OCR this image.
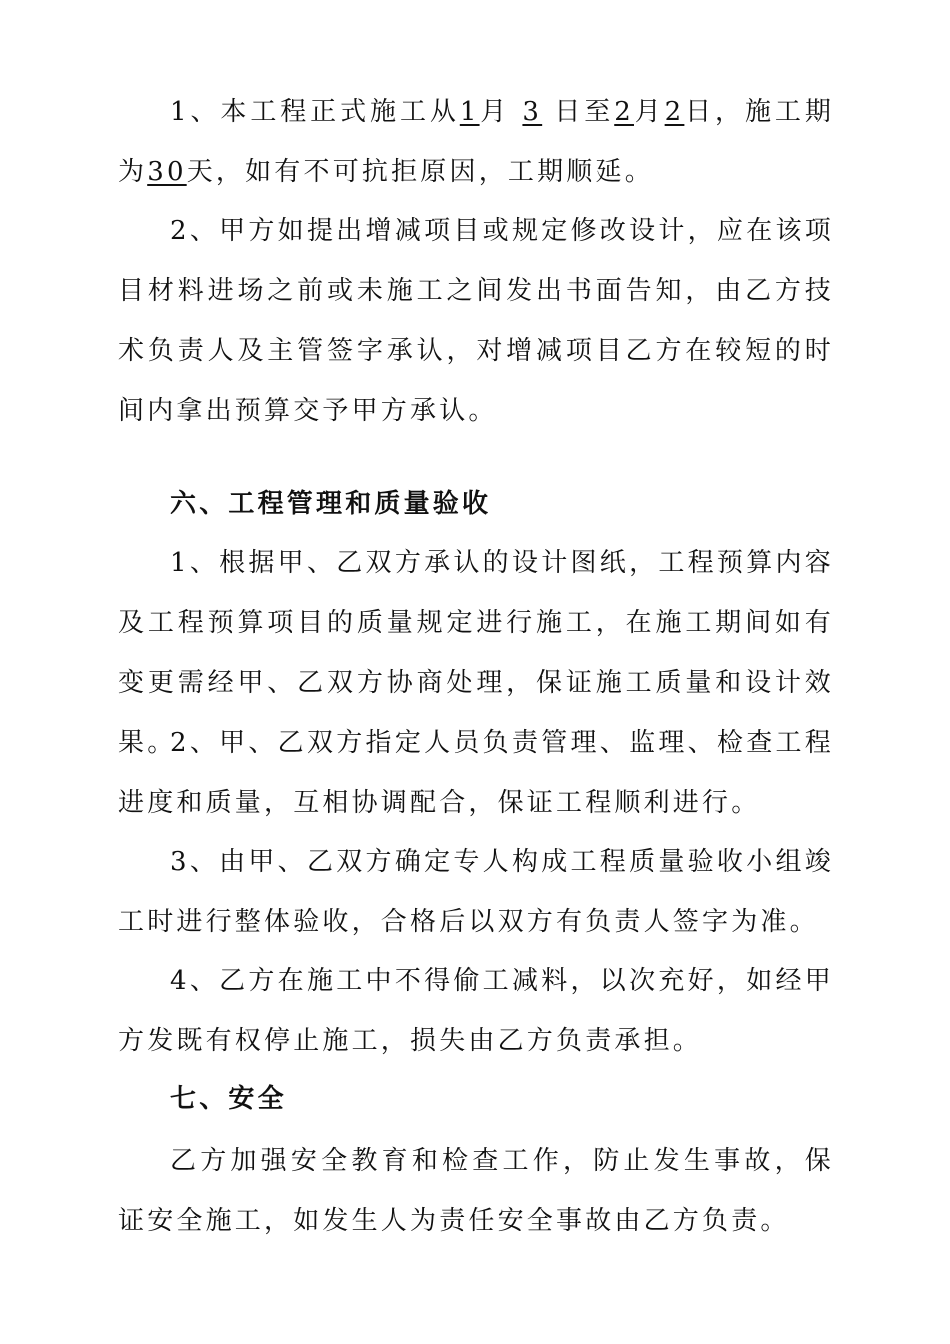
1、本工程正式施工从1月 3 日至2月2日，施工期为30天，如有不可抗拒原因，工期顺延。

2、甲方如提出增减项目或规定修改设计，应在该项目材料进场之前或未施工之间发出书面告知，由乙方技术负责人及主管签字承认，对增减项目乙方在较短的时间内拿出预算交予甲方承认。

六、工程管理和质量验收

1、根据甲、乙双方承认的设计图纸，工程预算内容及工程预算项目的质量规定进行施工，在施工期间如有变更需经甲、乙双方协商处理，保证施工质量和设计效果。

2、甲、乙双方指定人员负责管理、监理、检查工程进度和质量，互相协调配合，保证工程顺利进行。

3、由甲、乙双方确定专人构成工程质量验收小组竣工时进行整体验收，合格后以双方有负责人签字为准。

4、乙方在施工中不得偷工减料，以次充好，如经甲方发既有权停止施工，损失由乙方负责承担。

七、安全

乙方加强安全教育和检查工作，防止发生事故，保证安全施工，如发生人为责任安全事故由乙方负责。
